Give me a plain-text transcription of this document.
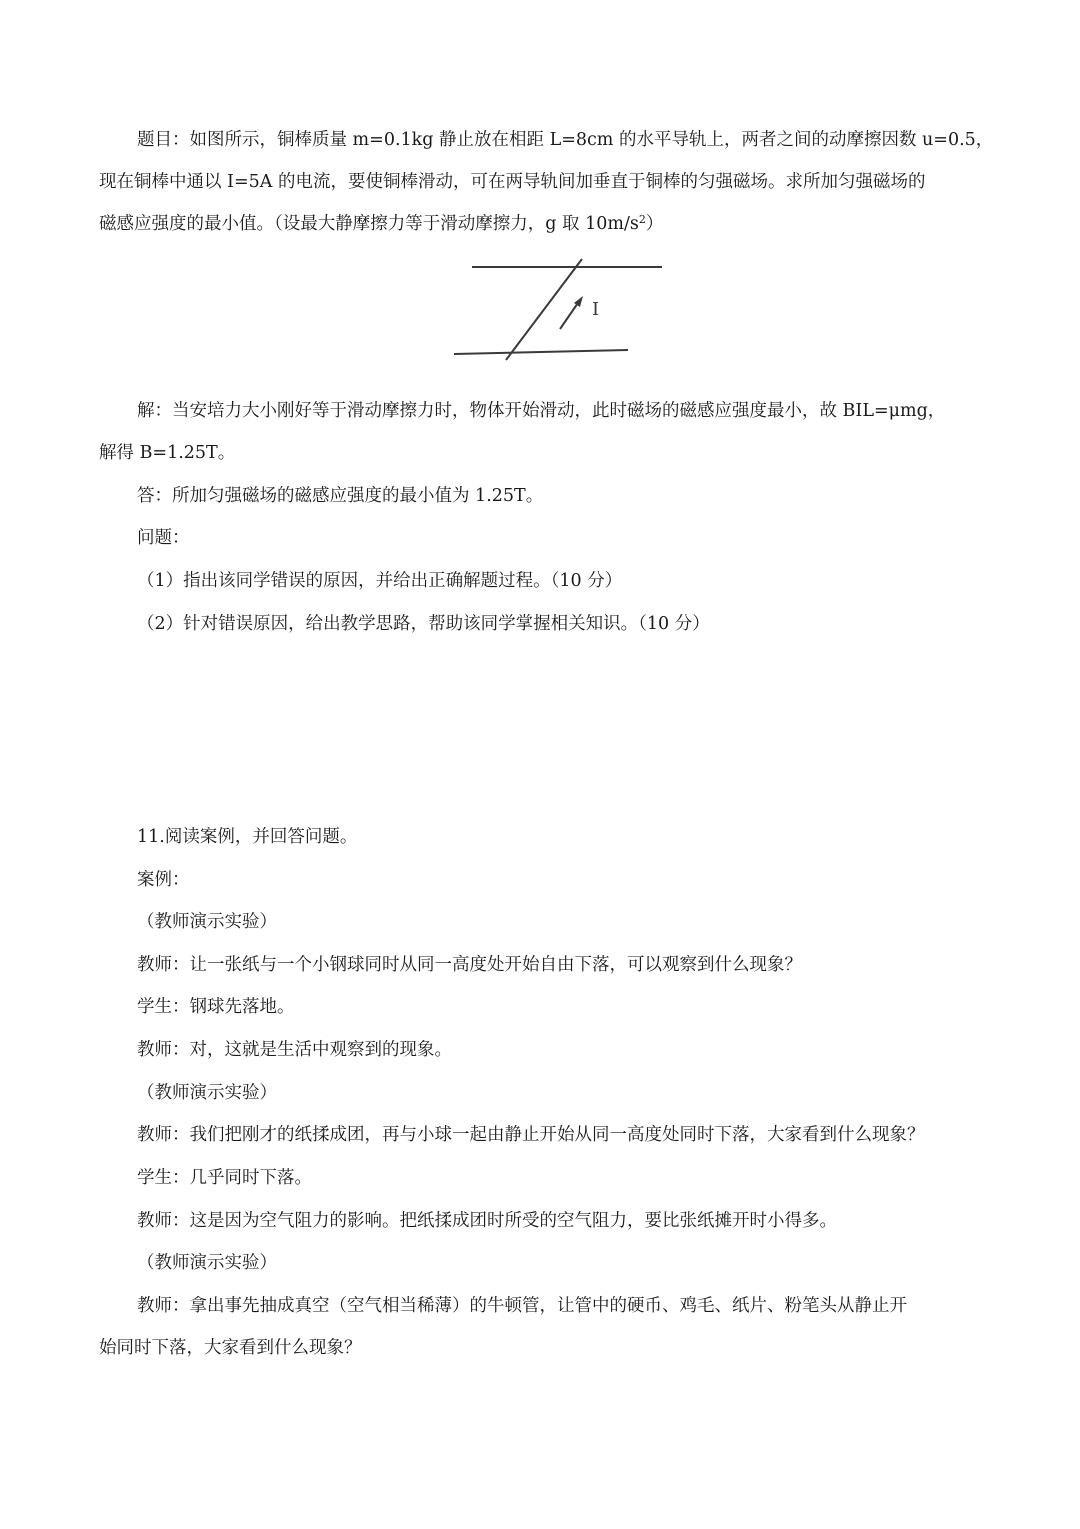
题目：如图所示，铜棒质量 m=0.1kg 静止放在相距 L=8cm 的水平导轨上，两者之间的动摩擦因数 u=0.5，
现在铜棒中通以 I=5A 的电流，要使铜棒滑动，可在两导轨间加垂直于铜棒的匀强磁场。求所加匀强磁场的
磁感应强度的最小值。（设最大静摩擦力等于滑动摩擦力，g 取 $10m/s^2$）
I
解：当安培力大小刚好等于滑动摩擦力时，物体开始滑动，此时磁场的磁感应强度最小，故 BIL=μmg，
解得 B=1.25T。
答：所加匀强磁场的磁感应强度的最小值为 1.25T。
问题：
（1）指出该同学错误的原因，并给出正确解题过程。（10 分）
（2）针对错误原因，给出教学思路，帮助该同学掌握相关知识。（10 分）
11.阅读案例，并回答问题。
案例：
（教师演示实验）
教师：让一张纸与一个小钢球同时从同一高度处开始自由下落，可以观察到什么现象？
学生：钢球先落地。
教师：对，这就是生活中观察到的现象。
（教师演示实验）
教师：我们把刚才的纸揉成团，再与小球一起由静止开始从同一高度处同时下落，大家看到什么现象？
学生：几乎同时下落。
教师：这是因为空气阻力的影响。把纸揉成团时所受的空气阻力，要比张纸摊开时小得多。
（教师演示实验）
教师：拿出事先抽成真空（空气相当稀薄）的牛顿管，让管中的硬币、鸡毛、纸片、粉笔头从静止开
始同时下落，大家看到什么现象？
